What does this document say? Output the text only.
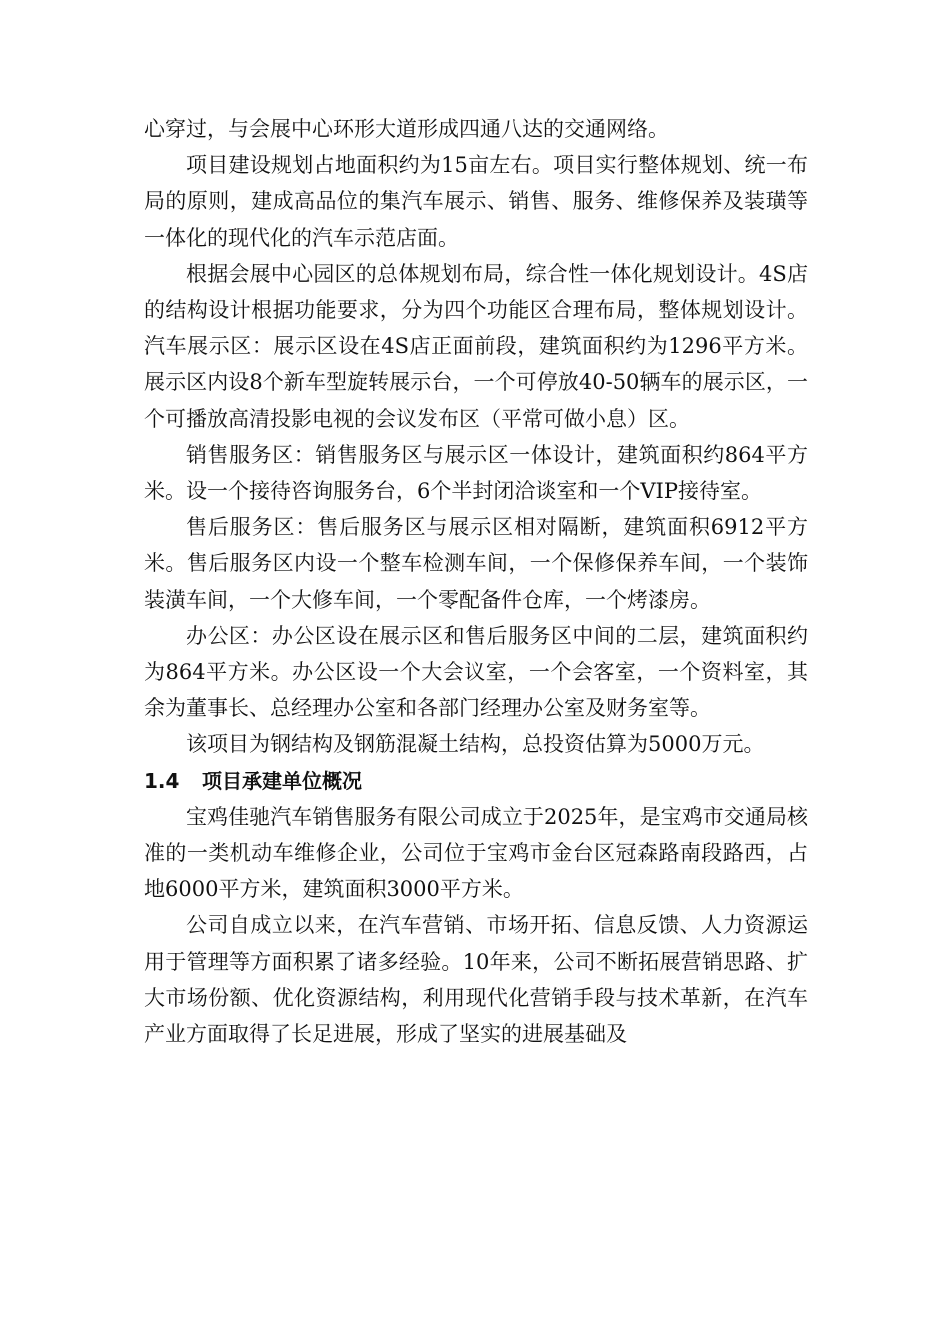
心穿过，与会展中心环形大道形成四通八达的交通网络。

项目建设规划占地面积约为15亩左右。项目实行整体规划、统一布局的原则，建成高品位的集汽车展示、销售、服务、维修保养及装璜等一体化的现代化的汽车示范店面。

根据会展中心园区的总体规划布局，综合性一体化规划设计。4S店的结构设计根据功能要求，分为四个功能区合理布局，整体规划设计。汽车展示区：展示区设在4S店正面前段，建筑面积约为1296平方米。展示区内设8个新车型旋转展示台，一个可停放40-50辆车的展示区，一个可播放高清投影电视的会议发布区（平常可做小息）区。

销售服务区：销售服务区与展示区一体设计，建筑面积约864平方米。设一个接待咨询服务台，6个半封闭洽谈室和一个VIP接待室。

售后服务区：售后服务区与展示区相对隔断，建筑面积6912平方米。售后服务区内设一个整车检测车间，一个保修保养车间，一个装饰装潢车间，一个大修车间，一个零配备件仓库，一个烤漆房。

办公区：办公区设在展示区和售后服务区中间的二层，建筑面积约为864平方米。办公区设一个大会议室，一个会客室，一个资料室，其余为董事长、总经理办公室和各部门经理办公室及财务室等。

该项目为钢结构及钢筋混凝土结构，总投资估算为5000万元。

1.4 项目承建单位概况

宝鸡佳驰汽车销售服务有限公司成立于2025年，是宝鸡市交通局核准的一类机动车维修企业，公司位于宝鸡市金台区冠森路南段路西，占地6000平方米，建筑面积3000平方米。

公司自成立以来，在汽车营销、市场开拓、信息反馈、人力资源运用于管理等方面积累了诸多经验。10年来，公司不断拓展营销思路、扩大市场份额、优化资源结构，利用现代化营销手段与技术革新，在汽车产业方面取得了长足进展，形成了坚实的进展基础及
